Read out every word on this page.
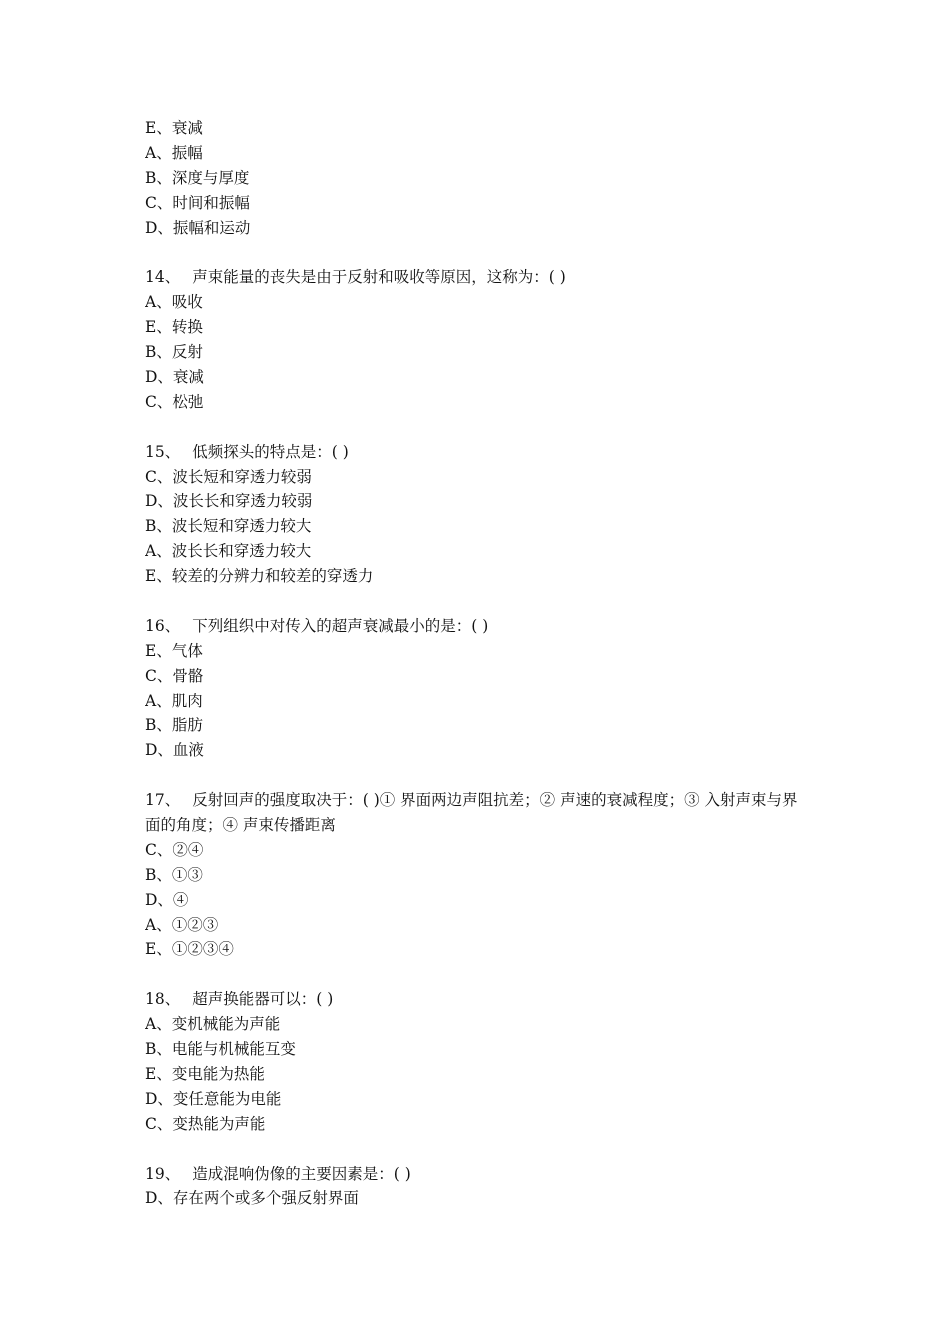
E、衰减
A、振幅
B、深度与厚度
C、时间和振幅
D、振幅和运动
14、 声束能量的丧失是由于反射和吸收等原因，这称为：( )
A、吸收
E、转换
B、反射
D、衰减
C、松弛
15、 低频探头的特点是：( )
C、波长短和穿透力较弱
D、波长长和穿透力较弱
B、波长短和穿透力较大
A、波长长和穿透力较大
E、较差的分辨力和较差的穿透力
16、 下列组织中对传入的超声衰减最小的是：( )
E、气体
C、骨骼
A、肌肉
B、脂肪
D、血液
17、 反射回声的强度取决于：( )① 界面两边声阻抗差；② 声速的衰减程度；③ 入射声束与界面的角度；④ 声束传播距离
C、②④
B、①③
D、④
A、①②③
E、①②③④
18、 超声换能器可以：( )
A、变机械能为声能
B、电能与机械能互变
E、变电能为热能
D、变任意能为电能
C、变热能为声能
19、 造成混响伪像的主要因素是：( )
D、存在两个或多个强反射界面
